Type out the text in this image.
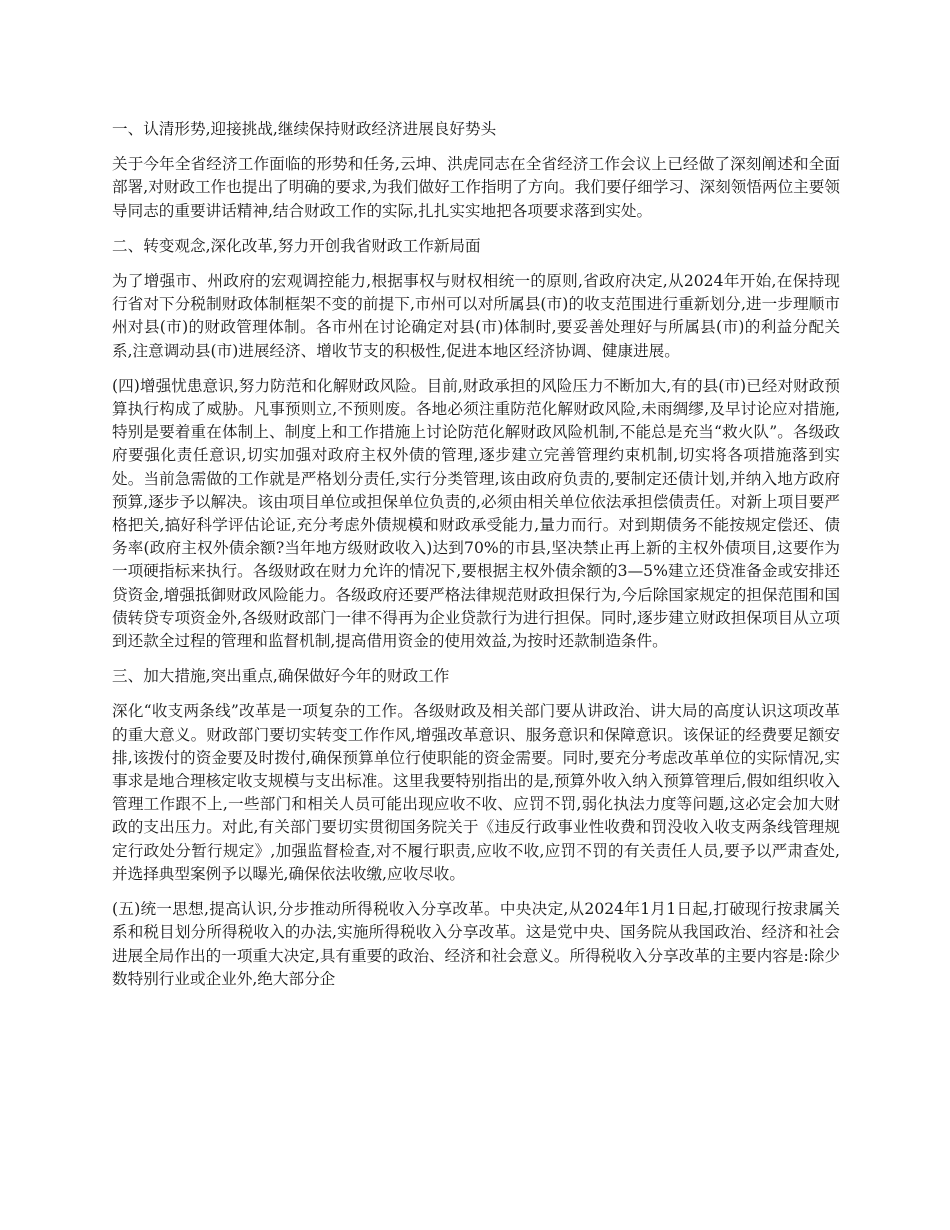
一、认清形势,迎接挑战,继续保持财政经济进展良好势头
关于今年全省经济工作面临的形势和任务,云坤、洪虎同志在全省经济工作会议上已经做了深刻阐述和全面部署,对财政工作也提出了明确的要求,为我们做好工作指明了方向。我们要仔细学习、深刻领悟两位主要领导同志的重要讲话精神,结合财政工作的实际,扎扎实实地把各项要求落到实处。
二、转变观念,深化改革,努力开创我省财政工作新局面
为了增强市、州政府的宏观调控能力,根据事权与财权相统一的原则,省政府决定,从2024年开始,在保持现行省对下分税制财政体制框架不变的前提下,市州可以对所属县(市)的收支范围进行重新划分,进一步理顺市州对县(市)的财政管理体制。各市州在讨论确定对县(市)体制时,要妥善处理好与所属县(市)的利益分配关系,注意调动县(市)进展经济、增收节支的积极性,促进本地区经济协调、健康进展。
(四)增强忧患意识,努力防范和化解财政风险。目前,财政承担的风险压力不断加大,有的县(市)已经对财政预算执行构成了威胁。凡事预则立,不预则废。各地必须注重防范化解财政风险,未雨绸缪,及早讨论应对措施,特别是要着重在体制上、制度上和工作措施上讨论防范化解财政风险机制,不能总是充当“救火队”。各级政府要强化责任意识,切实加强对政府主权外债的管理,逐步建立完善管理约束机制,切实将各项措施落到实处。当前急需做的工作就是严格划分责任,实行分类管理,该由政府负责的,要制定还债计划,并纳入地方政府预算,逐步予以解决。该由项目单位或担保单位负责的,必须由相关单位依法承担偿债责任。对新上项目要严格把关,搞好科学评估论证,充分考虑外债规模和财政承受能力,量力而行。对到期债务不能按规定偿还、债务率(政府主权外债余额?当年地方级财政收入)达到70%的市县,坚决禁止再上新的主权外债项目,这要作为一项硬指标来执行。各级财政在财力允许的情况下,要根据主权外债余额的3—5%建立还贷准备金或安排还贷资金,增强抵御财政风险能力。各级政府还要严格法律规范财政担保行为,今后除国家规定的担保范围和国债转贷专项资金外,各级财政部门一律不得再为企业贷款行为进行担保。同时,逐步建立财政担保项目从立项到还款全过程的管理和监督机制,提高借用资金的使用效益,为按时还款制造条件。
三、加大措施,突出重点,确保做好今年的财政工作
深化“收支两条线”改革是一项复杂的工作。各级财政及相关部门要从讲政治、讲大局的高度认识这项改革的重大意义。财政部门要切实转变工作作风,增强改革意识、服务意识和保障意识。该保证的经费要足额安排,该拨付的资金要及时拨付,确保预算单位行使职能的资金需要。同时,要充分考虑改革单位的实际情况,实事求是地合理核定收支规模与支出标准。这里我要特别指出的是,预算外收入纳入预算管理后,假如组织收入管理工作跟不上,一些部门和相关人员可能出现应收不收、应罚不罚,弱化执法力度等问题,这必定会加大财政的支出压力。对此,有关部门要切实贯彻国务院关于《违反行政事业性收费和罚没收入收支两条线管理规定行政处分暂行规定》,加强监督检查,对不履行职责,应收不收,应罚不罚的有关责任人员,要予以严肃查处,并选择典型案例予以曝光,确保依法收缴,应收尽收。
(五)统一思想,提高认识,分步推动所得税收入分享改革。中央决定,从2024年1月1日起,打破现行按隶属关系和税目划分所得税收入的办法,实施所得税收入分享改革。这是党中央、国务院从我国政治、经济和社会进展全局作出的一项重大决定,具有重要的政治、经济和社会意义。所得税收入分享改革的主要内容是:除少数特别行业或企业外,绝大部分企
